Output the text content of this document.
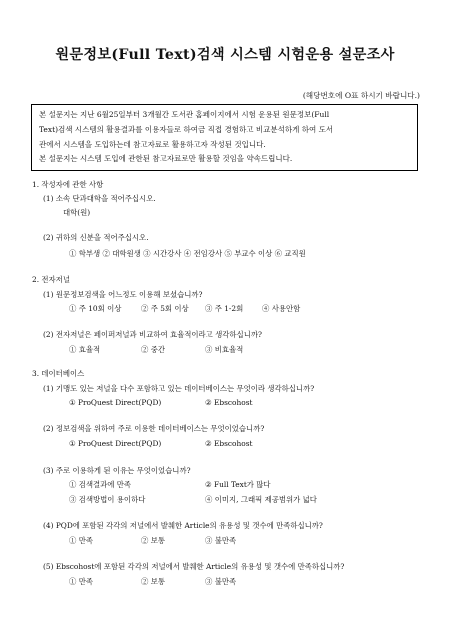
원문정보(Full Text)검색 시스템 시험운용 설문조사
(해당번호에 O표 하시기 바랍니다.)

본 설문지는 지난 6월25일부터 3개월간 도서관 홈페이지에서 시험 운용된 원문정보(Full

Text)검색 시스템의 활용결과를 이용자들로 하여금 직접 경험하고 비교분석하게 하여 도서

관에서 시스템을 도입하는데 참고자료로 활용하고자 작성된 것입니다.

본 설문지는 시스템 도입에 관한된 참고자료로만 활용할 것임을 약속드립니다.

1. 작성자에 관한 사항
(1) 소속 단과대학을 적어주십시오.
대학(원)
(2) 귀하의 신분을 적어주십시오.
① 학부생 ② 대학원생 ③ 시간강사 ④ 전임강사 ⑤ 부교수 이상 ⑥ 교직원
2. 전자저널
(1) 원문정보검색을 어느정도 이용해 보셨습니까?
① 주 10회 이상	② 주 5회 이상 ③ 주 1-2회	④ 사용안함
(2) 전자저널은 페이퍼저널과 비교하여 효율적이라고 생각하십니까?
① 효율적	② 중간	③ 비효율적
3. 데이터베이스
(1) 기맹도 있는 저널을 다수 포함하고 있는 데이터베이스는 무엇이라 생각하십니까?
① ProQuest Direct(PQD)	② Ebscohost
(2) 정보검색을 위하여 주로 이용한 데이터베이스는 무엇이었습니까?
① ProQuest Direct(PQD)	② Ebscohost
(3) 주로 이용하게 된 이유는 무엇이었습니까?
① 검색결과에 만족	② Full Text가 많다
③ 검색방법이 용이하다	④ 이미지, 그래픽 제공범위가 넓다
(4) PQD에 포함된 각각의 저널에서 발췌한 Article의 유용성 및 갯수에 만족하십니까?
① 만족	② 보통	③ 불만족
(5) Ebscohost에 포함된 각각의 저널에서 발췌한 Article의 유용성 및 갯수에 만족하십니까?
① 만족	② 보통	③ 불만족
